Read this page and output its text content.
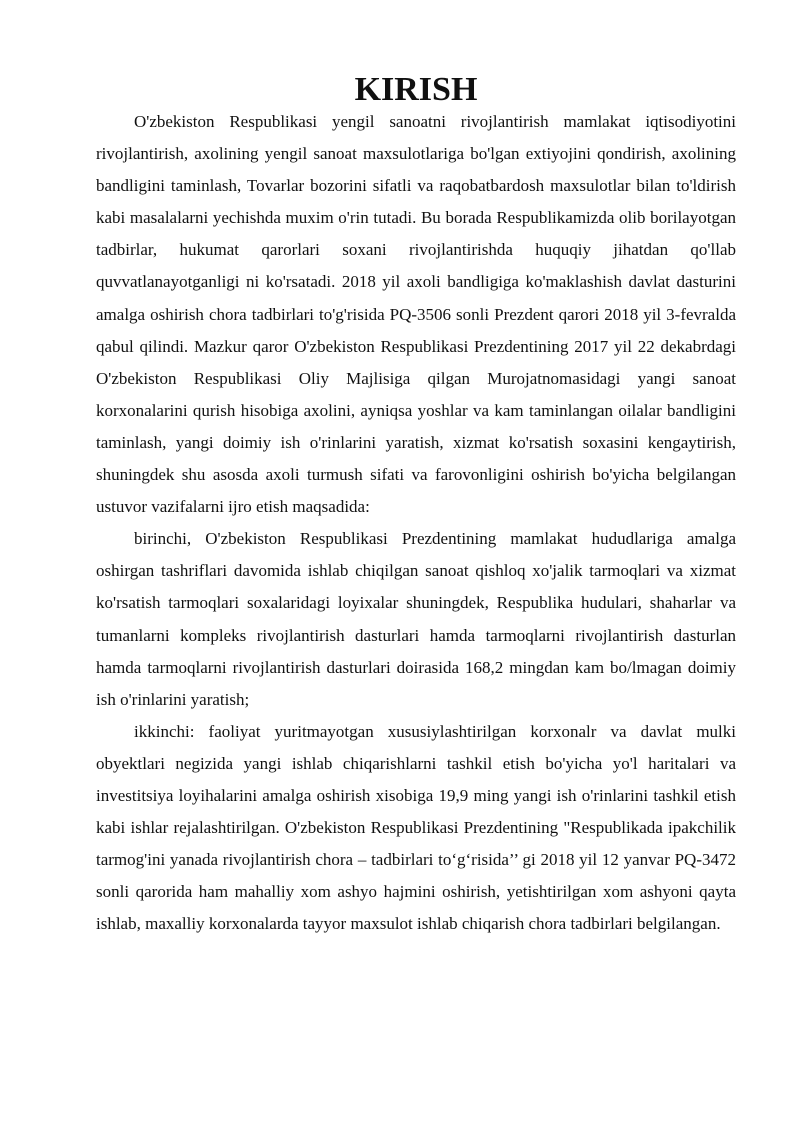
KIRISH

O'zbekiston Respublikasi yengil sanoatni rivojlantirish mamlakat iqtisodiyotini rivojlantirish, axolining yengil sanoat maxsulotlariga bo'lgan extiyojini qondirish, axolining bandligini taminlash, Tovarlar bozorini sifatli va raqobatbardosh maxsulotlar bilan to'ldirish kabi masalalarni yechishda muxim o'rin tutadi. Bu borada Respublikamizda olib borilayotgan tadbirlar, hukumat qarorlari soxani rivojlantirishda huquqiy jihatdan qo'llab quvvatlanayotganligi ni ko'rsatadi. 2018 yil axoli bandligiga ko'maklashish davlat dasturini amalga oshirish chora tadbirlari to'g'risida PQ-3506 sonli Prezdent qarori 2018 yil 3-fevralda qabul qilindi. Mazkur qaror O'zbekiston Respublikasi Prezdentining 2017 yil 22 dekabrdagi O'zbekiston Respublikasi Oliy Majlisiga qilgan Murojatnomasidagi yangi sanoat korxonalarini qurish hisobiga axolini, ayniqsa yoshlar va kam taminlangan oilalar bandligini taminlash, yangi doimiy ish o'rinlarini yaratish, xizmat ko'rsatish soxasini kengaytirish, shuningdek shu asosda axoli turmush sifati va farovonligini oshirish bo'yicha belgilangan ustuvor vazifalarni ijro etish maqsadida:

birinchi, O'zbekiston Respublikasi Prezdentining mamlakat hududlariga amalga oshirgan tashriflari davomida ishlab chiqilgan sanoat qishloq xo'jalik tarmoqlari va xizmat ko'rsatish tarmoqlari soxalaridagi loyixalar shuningdek, Respublika hudulari, shaharlar va tumanlarni kompleks rivojlantirish dasturlari hamda tarmoqlarni rivojlantirish dasturlan hamda tarmoqlarni rivojlantirish dasturlari doirasida 168,2 mingdan kam bo/lmagan doimiy ish o'rinlarini yaratish;

ikkinchi: faoliyat yuritmayotgan xususiylashtirilgan korxonalr va davlat mulki obyektlari negizida yangi ishlab chiqarishlarni tashkil etish bo'yicha yo'l haritalari va investitsiya loyihalarini amalga oshirish xisobiga 19,9 ming yangi ish o'rinlarini tashkil etish kabi ishlar rejalashtirilgan. O'zbekiston Respublikasi Prezdentining "Respublikada ipakchilik tarmog'ini yanada rivojlantirish chora – tadbirlari to‘g‘risida’’ gi 2018 yil 12 yanvar PQ-3472 sonli qarorida ham mahalliy xom ashyo hajmini oshirish, yetishtirilgan xom ashyoni qayta ishlab, maxalliy korxonalarda tayyor maxsulot ishlab chiqarish chora tadbirlari belgilangan.
